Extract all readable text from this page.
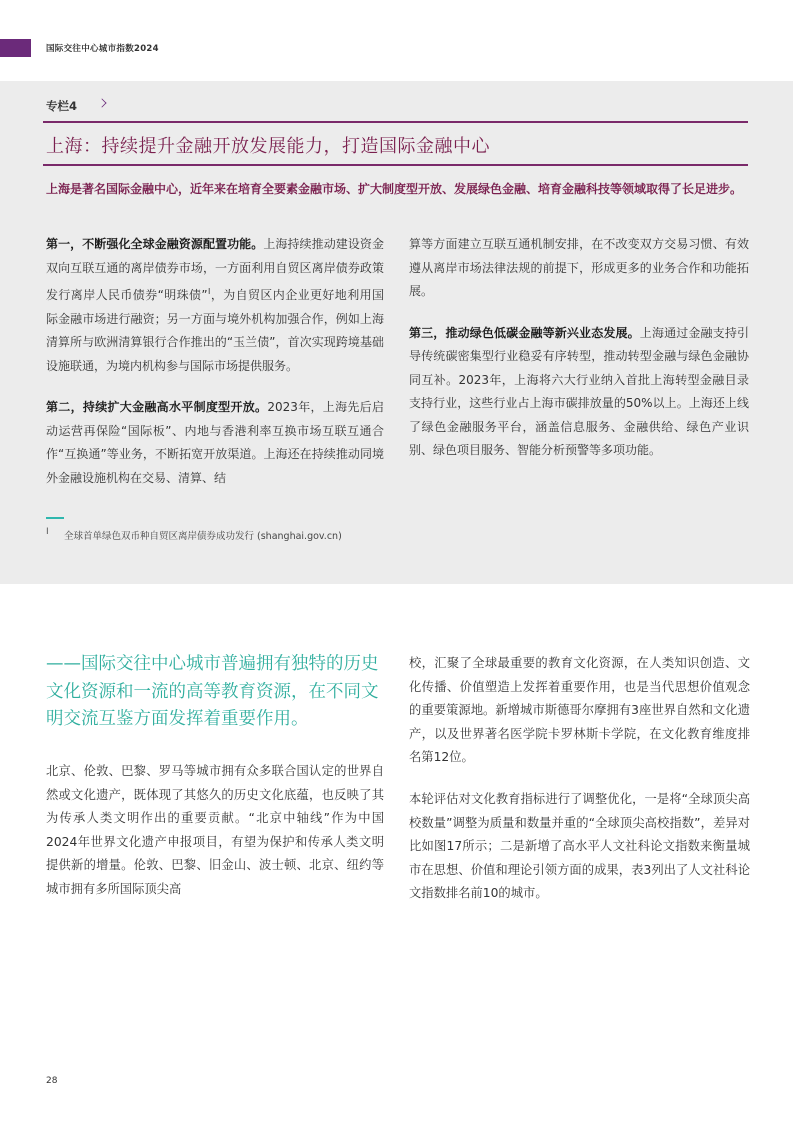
国际交往中心城市指数2024
专栏4
上海：持续提升金融开放发展能力，打造国际金融中心
上海是著名国际金融中心，近年来在培育全要素金融市场、扩大制度型开放、发展绿色金融、培育金融科技等领域取得了长足进步。

第一，不断强化全球金融资源配置功能。上海持续推动建设资金双向互联互通的离岸债券市场，一方面利用自贸区离岸债券政策发行离岸人民币债券“明珠债”$^Ⅰ$，为自贸区内企业更好地利用国际金融市场进行融资；另一方面与境外机构加强合作，例如上海清算所与欧洲清算银行合作推出的“玉兰债”，首次实现跨境基础设施联通，为境内机构参与国际市场提供服务。

第二，持续扩大金融高水平制度型开放。2023年，上海先后启动运营再保险“国际板”、内地与香港利率互换市场互联互通合作“互换通”等业务，不断拓宽开放渠道。上海还在持续推动同境外金融设施机构在交易、清算、结

算等方面建立互联互通机制安排，在不改变双方交易习惯、有效遵从离岸市场法律法规的前提下，形成更多的业务合作和功能拓展。

第三，推动绿色低碳金融等新兴业态发展。上海通过金融支持引导传统碳密集型行业稳妥有序转型，推动转型金融与绿色金融协同互补。2023年，上海将六大行业纳入首批上海转型金融目录支持行业，这些行业占上海市碳排放量的50%以上。上海还上线了绿色金融服务平台，涵盖信息服务、金融供给、绿色产业识别、绿色项目服务、智能分析预警等多项功能。

Ⅰ 全球首单绿色双币种自贸区离岸债券成功发行 (shanghai.gov.cn)
——国际交往中心城市普遍拥有独特的历史文化资源和一流的高等教育资源，在不同文明交流互鉴方面发挥着重要作用。

北京、伦敦、巴黎、罗马等城市拥有众多联合国认定的世界自然或文化遗产，既体现了其悠久的历史文化底蕴，也反映了其为传承人类文明作出的重要贡献。“北京中轴线”作为中国2024年世界文化遗产申报项目，有望为保护和传承人类文明提供新的增量。伦敦、巴黎、旧金山、波士顿、北京、纽约等城市拥有多所国际顶尖高

校，汇聚了全球最重要的教育文化资源，在人类知识创造、文化传播、价值塑造上发挥着重要作用，也是当代思想价值观念的重要策源地。新增城市斯德哥尔摩拥有3座世界自然和文化遗产，以及世界著名医学院卡罗林斯卡学院，在文化教育维度排名第12位。

本轮评估对文化教育指标进行了调整优化，一是将“全球顶尖高校数量”调整为质量和数量并重的“全球顶尖高校指数”，差异对比如图17所示；二是新增了高水平人文社科论文指数来衡量城市在思想、价值和理论引领方面的成果，表3列出了人文社科论文指数排名前10的城市。

28
